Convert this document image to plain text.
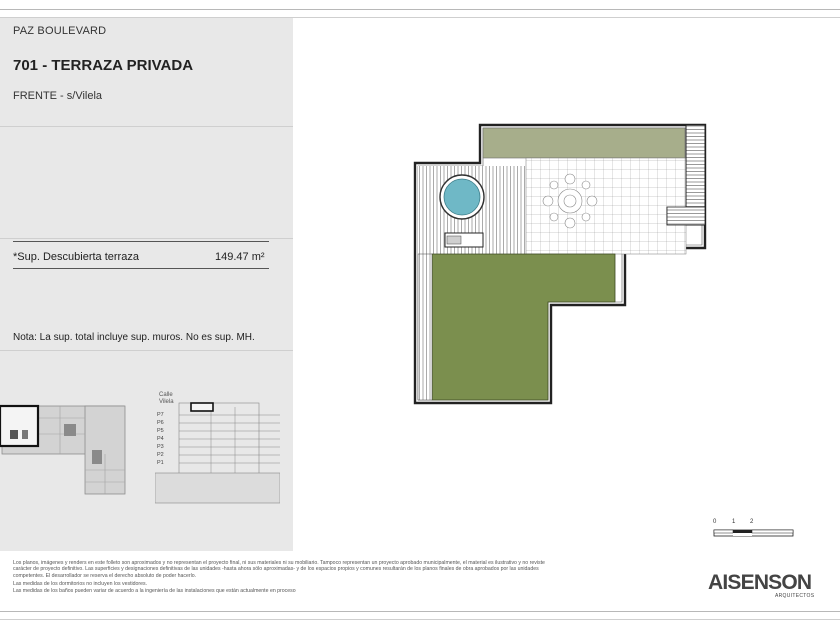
PAZ BOULEVARD
701 - TERRAZA PRIVADA
FRENTE - s/Vilela
*Sup. Descubierta terraza	149.47 m²
Nota: La sup. total incluye sup. muros. No es sup. MH.
Calle
Vilela
P7
P6
P5
P4
P3
P2
P1
0	1 2

Los planos, imágenes y renders en este folleto son aproximados y no representan el proyecto final, ni sus materiales ni su mobiliario. Tampoco representan un proyecto aprobado municipalmente, el material es ilustrativo y no reviste

carácter de proyecto definitivo. Las superficies y designaciones definitivas de las unidades -hasta ahora sólo aproximadas- y de los espacios propios y comunes resultarán de los planos finales de obra aprobados por las unidades

competentes. El desarrollador se reserva el derecho absoluto de poder hacerlo.

Las medidas de los dormitorios no incluyen los vestidores.

Las medidas de los baños pueden variar de acuerdo a la ingeniería de las instalaciones que están actualmente en proceso	AISENSON
ARQUITECTOS
